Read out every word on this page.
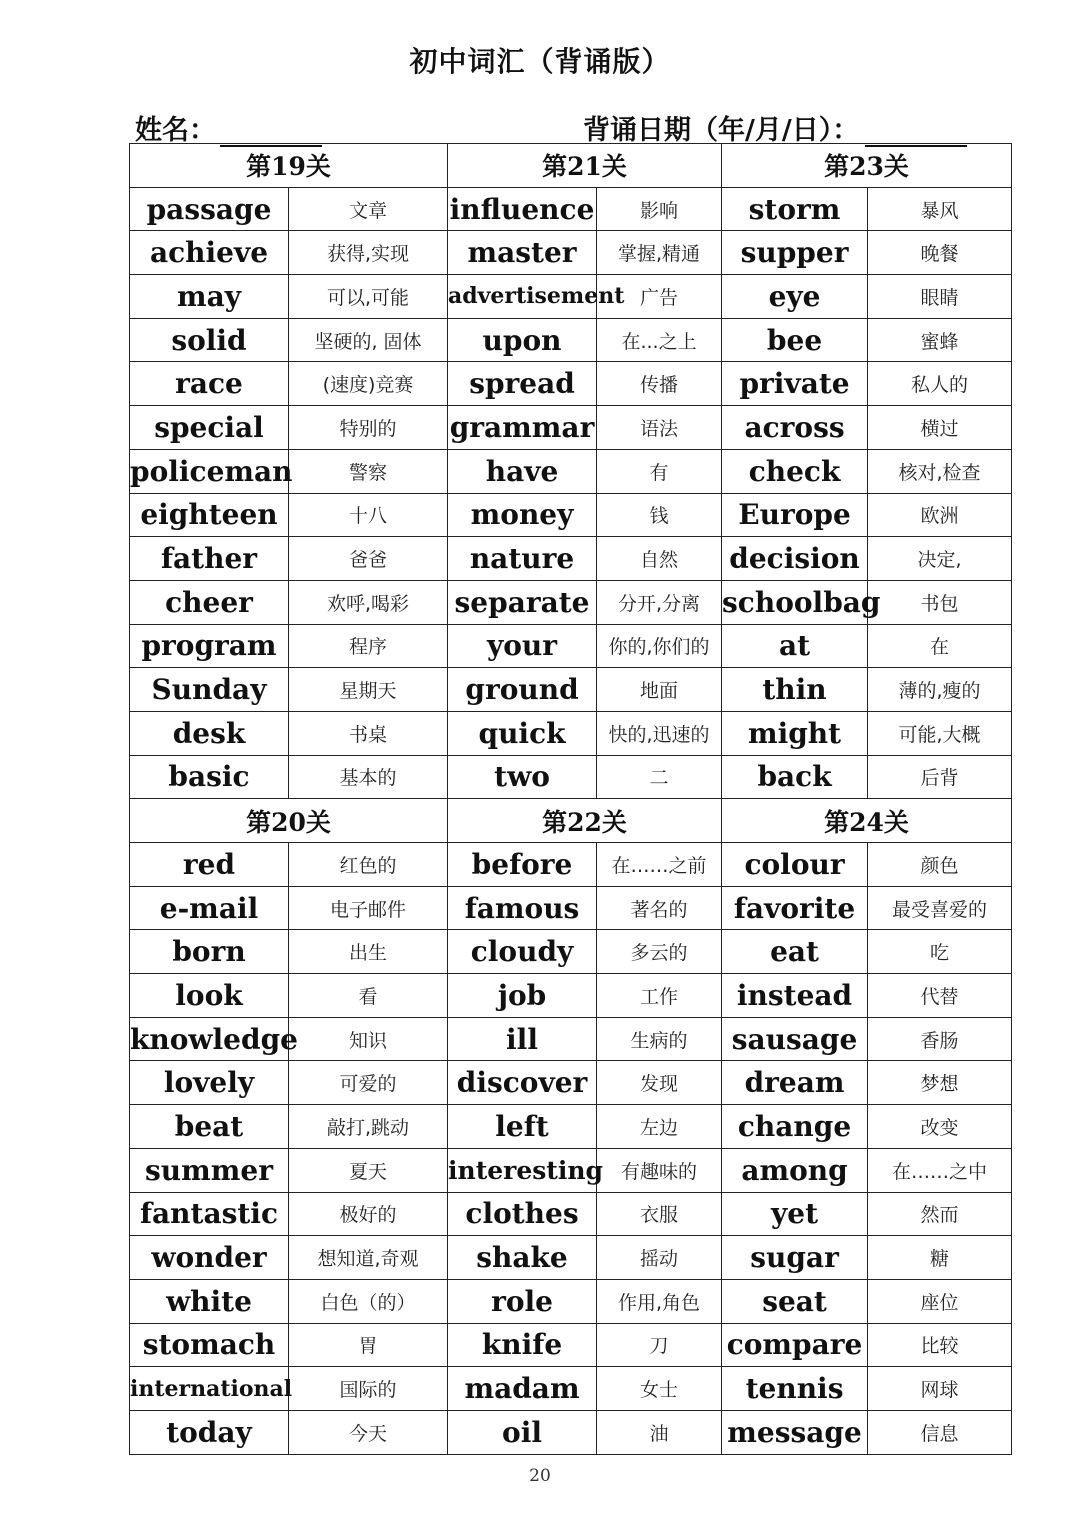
初中词汇（背诵版）
姓名：	背诵日期（年/月/日）：
第19关		第21关		第23关	
passage	文章	influence	影响	storm	暴风
achieve	获得,实现	master	掌握,精通	supper	晚餐
may	可以,可能	advertisement	广告	eye	眼睛
solid	坚硬的, 固体	upon	在...之上	bee	蜜蜂
race	(速度)竞赛	spread	传播	private	私人的
special	特别的	grammar	语法	across	横过
policeman	警察	have	有	check	核对,检查
eighteen	十八	money	钱	Europe	欧洲
father	爸爸	nature	自然	decision	决定,
cheer	欢呼,喝彩	separate	分开,分离	schoolbag	书包
program	程序	your	你的,你们的	at	在
Sunday	星期天	ground	地面	thin	薄的,瘦的
desk	书桌	quick	快的,迅速的	might	可能,大概
basic	基本的	two	二	back	后背
第20关		第22关		第24关	
red	红色的	before	在……之前	colour	颜色
e-mail	电子邮件	famous	著名的	favorite	最受喜爱的
born	出生	cloudy	多云的	eat	吃
look	看	job	工作	instead	代替
knowledge	知识	ill	生病的	sausage	香肠
lovely	可爱的	discover	发现	dream	梦想
beat	敲打,跳动	left	左边	change	改变
summer	夏天	interesting	有趣味的	among	在……之中
fantastic	极好的	clothes	衣服	yet	然而
wonder	想知道,奇观	shake	摇动	sugar	糖
white	白色（的）	role	作用,角色	seat	座位
stomach	胃	knife	刀	compare	比较
international	国际的	madam	女士	tennis	网球
today	今天	oil	油	message	信息
20
